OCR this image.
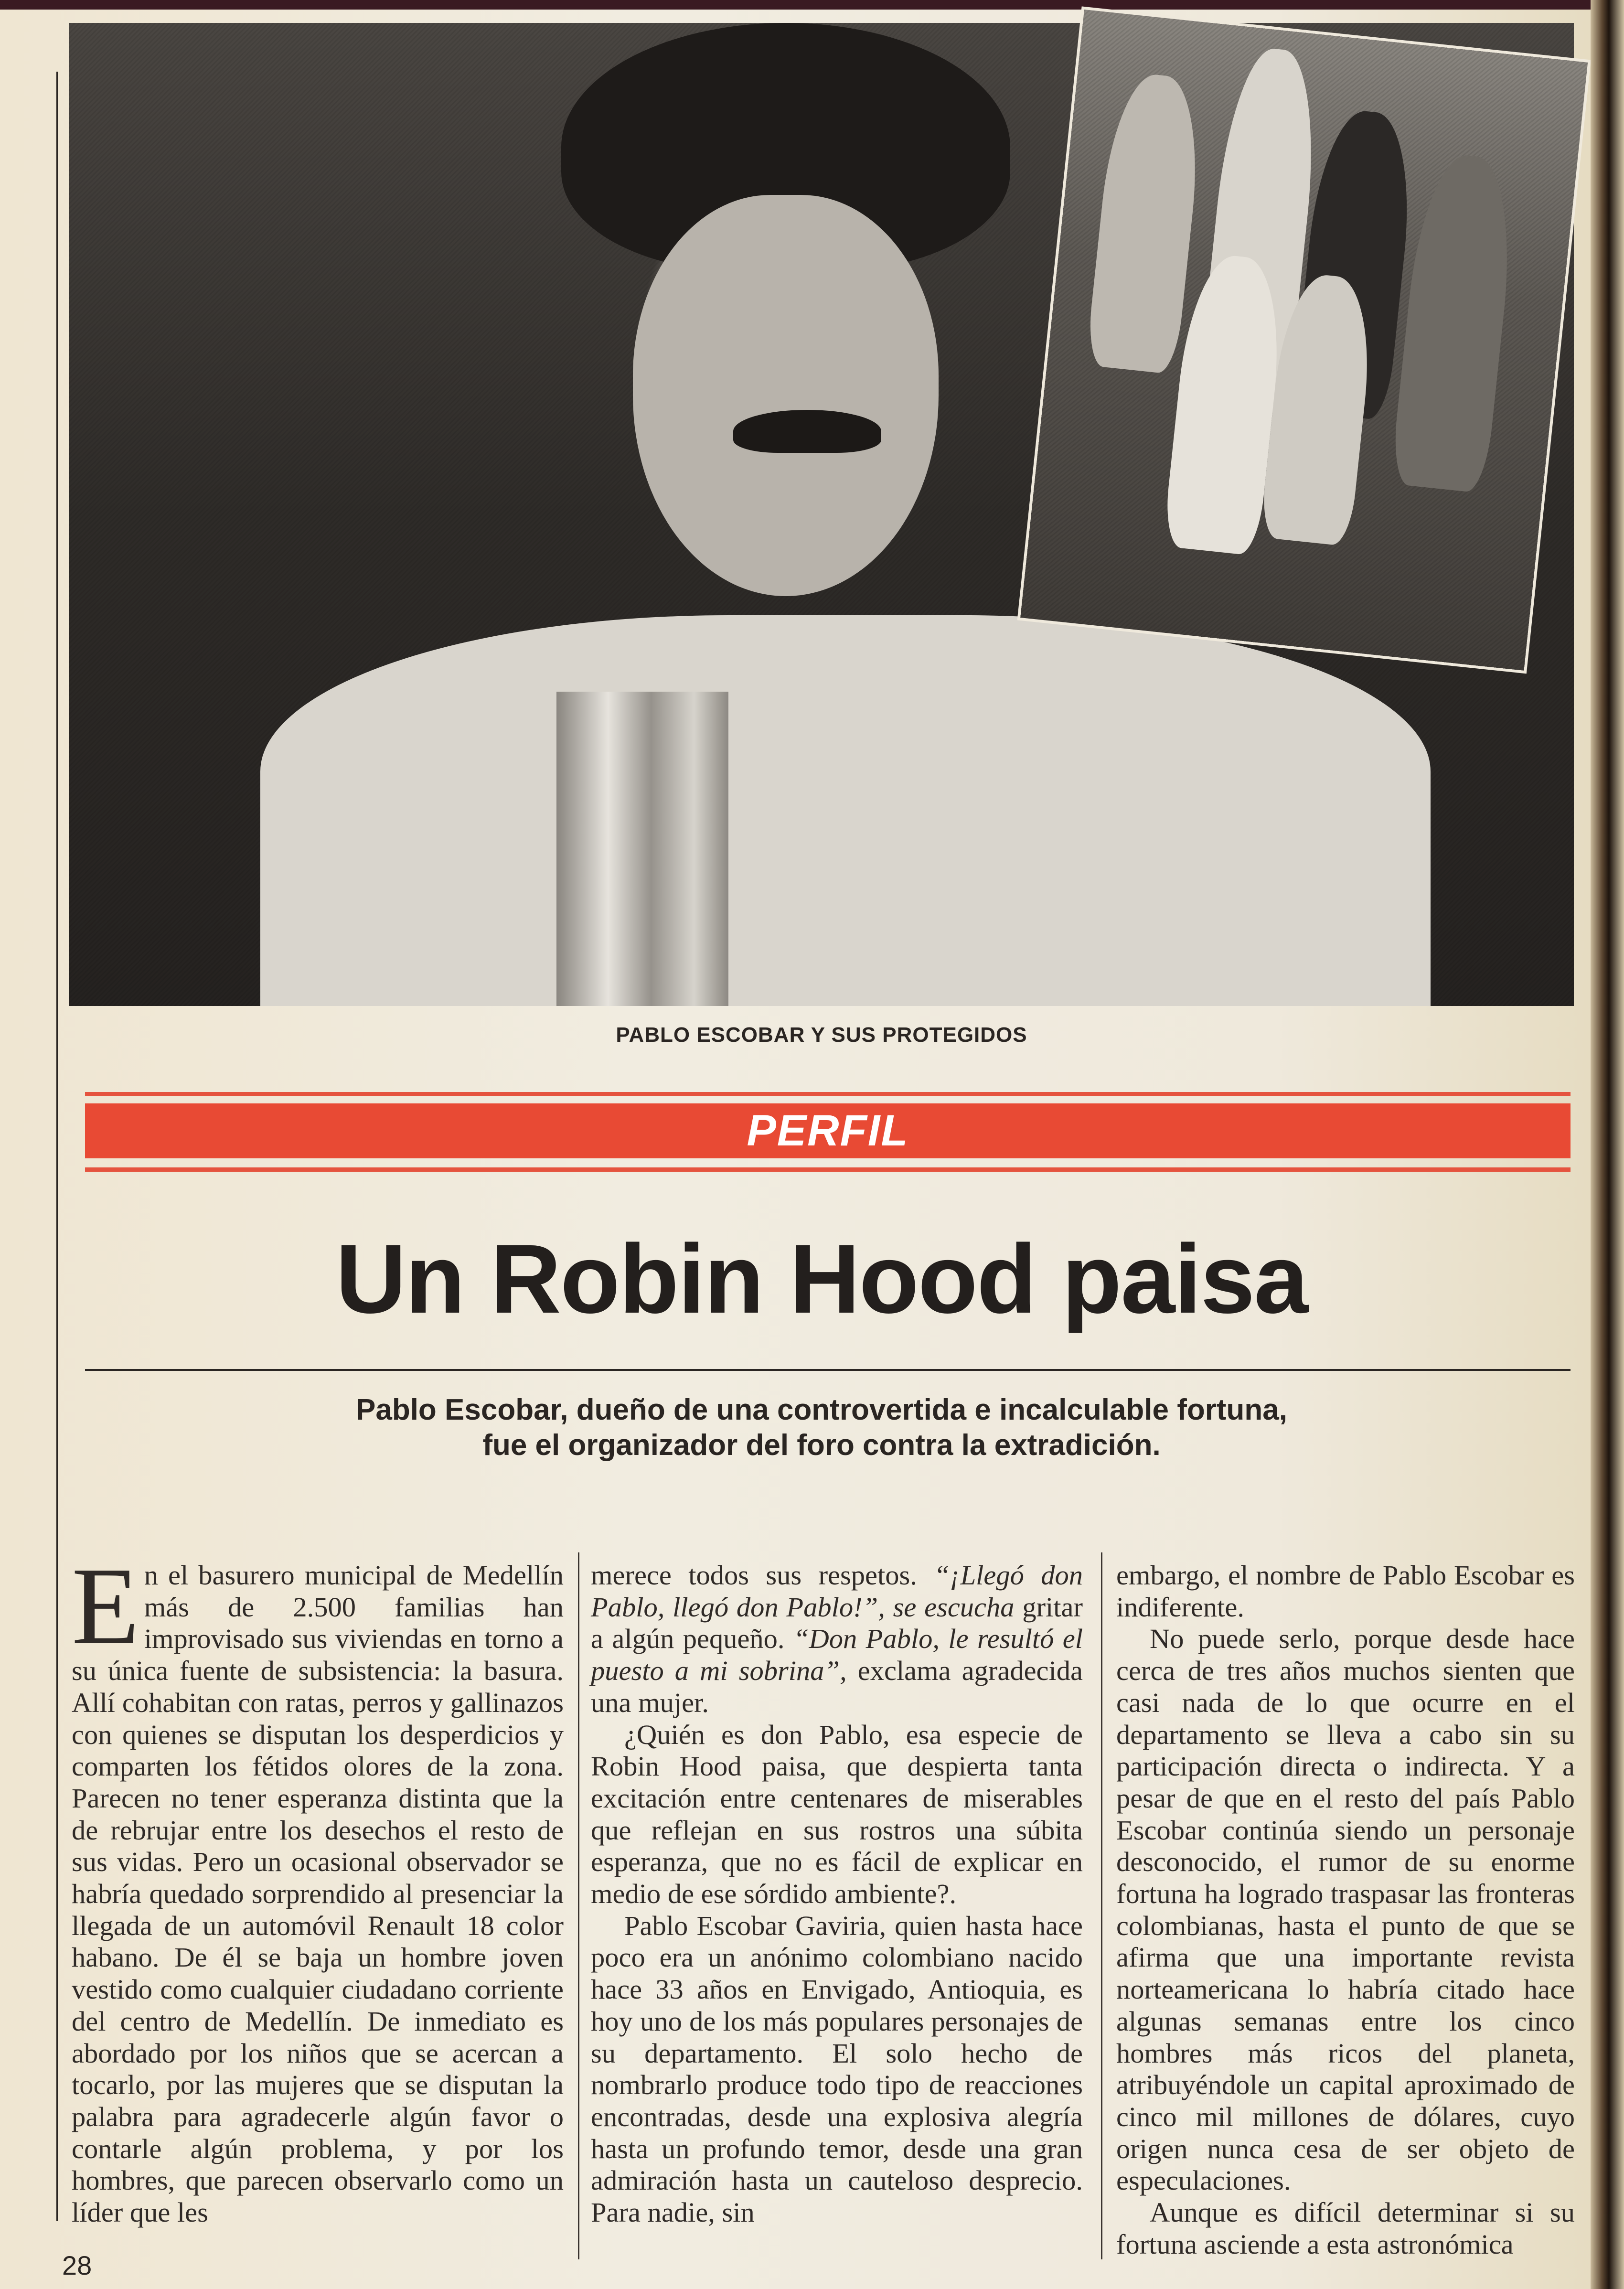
PABLO ESCOBAR Y SUS PROTEGIDOS
PERFIL
Un Robin Hood paisa
Pablo Escobar, dueño de una controvertida e incalculable fortuna,
fue el organizador del foro contra la extradición.

E n el basurero municipal de Medellín más de 2.500 familias han improvisado sus viviendas en torno a su única fuente de subsistencia: la basura. Allí cohabitan con ratas, perros y gallinazos con quienes se disputan los desperdicios y comparten los fétidos olores de la zona. Parecen no tener esperanza distinta que la de rebrujar entre los desechos el resto de sus vidas. Pero un ocasional observador se habría quedado sorprendido al presenciar la llegada de un automóvil Renault 18 color habano. De él se baja un hombre joven vestido como cualquier ciudadano corriente del centro de Medellín. De inmediato es abordado por los niños que se acercan a tocarlo, por las mujeres que se disputan la palabra para agradecerle algún favor o contarle algún problema, y por los hombres, que parecen observarlo como un líder que les

merece todos sus respetos. “¡Llegó don Pablo, llegó don Pablo!”, se escucha gritar a algún pequeño. “Don Pablo, le resultó el puesto a mi sobrina”, exclama agradecida una mujer.

¿Quién es don Pablo, esa especie de Robin Hood paisa, que despierta tanta excitación entre centenares de miserables que reflejan en sus rostros una súbita esperanza, que no es fácil de explicar en medio de ese sórdido ambiente?.

Pablo Escobar Gaviria, quien hasta hace poco era un anónimo colombiano nacido hace 33 años en Envigado, Antioquia, es hoy uno de los más populares personajes de su departamento. El solo hecho de nombrarlo produce todo tipo de reacciones encontradas, desde una explosiva alegría hasta un profundo temor, desde una gran admiración hasta un cauteloso desprecio. Para nadie, sin

embargo, el nombre de Pablo Escobar es indiferente.

No puede serlo, porque desde hace cerca de tres años muchos sienten que casi nada de lo que ocurre en el departamento se lleva a cabo sin su participación directa o indirecta. Y a pesar de que en el resto del país Pablo Escobar continúa siendo un personaje desconocido, el rumor de su enorme fortuna ha logrado traspasar las fronteras colombianas, hasta el punto de que se afirma que una importante revista norteamericana lo habría citado hace algunas semanas entre los cinco hombres más ricos del planeta, atribuyéndole un capital aproximado de cinco mil millones de dólares, cuyo origen nunca cesa de ser objeto de especulaciones.

Aunque es difícil determinar si su fortuna asciende a esta astronómica

28
